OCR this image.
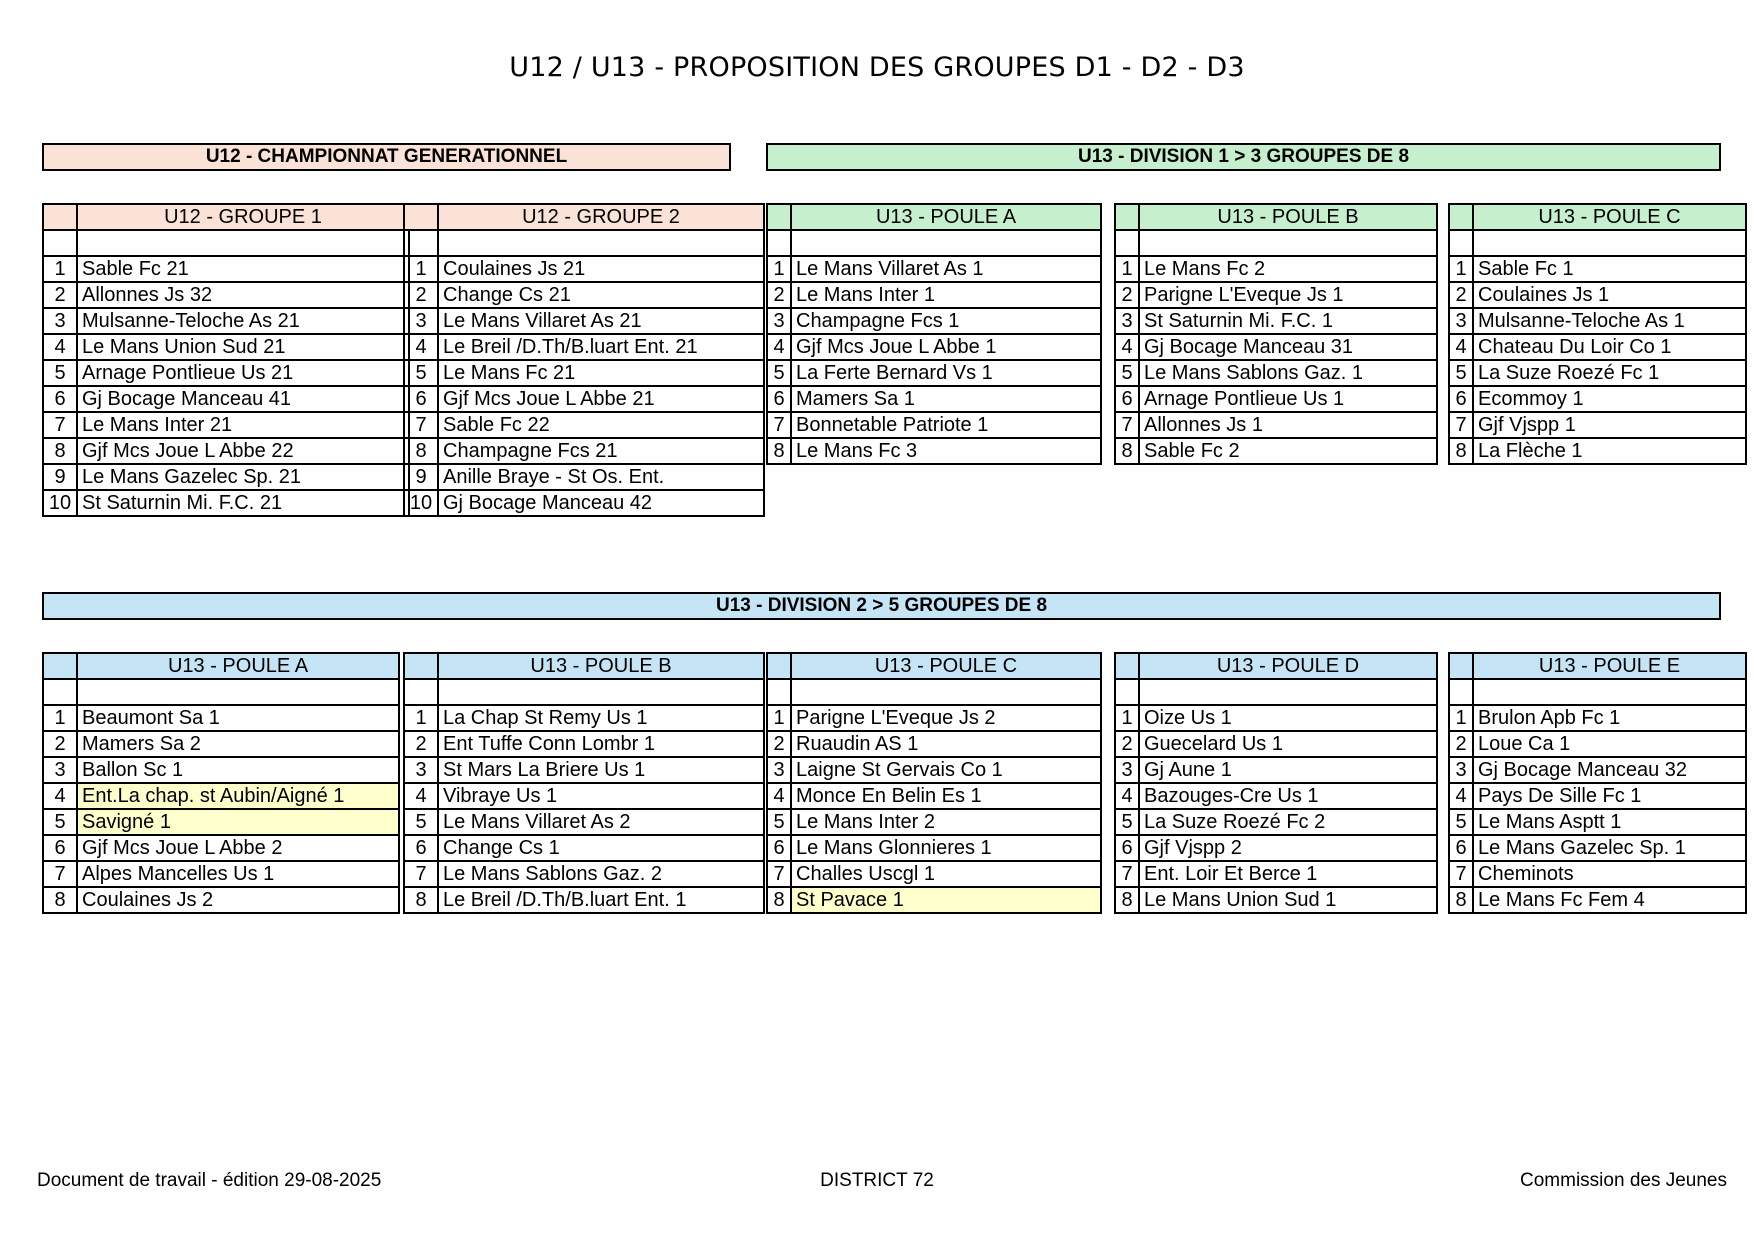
U12 / U13 - PROPOSITION DES GROUPES D1 - D2 - D3
U12 - CHAMPIONNAT GENERATIONNEL	U13 - DIVISION 1 > 3 GROUPES DE 8
U13 - DIVISION 2 > 5 GROUPES DE 8
	U12 - GROUPE 1

1	Sable Fc 21
2	Allonnes Js 32
3	Mulsanne-Teloche As 21
4	Le Mans Union Sud 21
5	Arnage Pontlieue Us 21
6	Gj Bocage Manceau 41
7	Le Mans Inter 21
8	Gjf Mcs Joue L Abbe 22
9	Le Mans Gazelec Sp. 21
10	St Saturnin Mi. F.C. 21
	U12 - GROUPE 2

1	Coulaines Js 21
2	Change Cs 21
3	Le Mans Villaret As 21
4	Le Breil /D.Th/B.luart Ent. 21
5	Le Mans Fc 21
6	Gjf Mcs Joue L Abbe 21
7	Sable Fc 22
8	Champagne Fcs 21
9	Anille Braye - St Os. Ent.
10	Gj Bocage Manceau 42
	U13 - POULE A

1	Le Mans Villaret As 1
2	Le Mans Inter 1
3	Champagne Fcs 1
4	Gjf Mcs Joue L Abbe 1
5	La Ferte Bernard Vs 1
6	Mamers Sa 1
7	Bonnetable Patriote 1
8	Le Mans Fc 3
	U13 - POULE B

1	Le Mans Fc 2
2	Parigne L'Eveque Js 1
3	St Saturnin Mi. F.C. 1
4	Gj Bocage Manceau 31
5	Le Mans Sablons Gaz. 1
6	Arnage Pontlieue Us 1
7	Allonnes Js 1
8	Sable Fc 2
	U13 - POULE C

1	Sable Fc 1
2	Coulaines Js 1
3	Mulsanne-Teloche As 1
4	Chateau Du Loir Co 1
5	La Suze Roezé Fc 1
6	Ecommoy 1
7	Gjf Vjspp 1
8	La Flèche 1
	U13 - POULE A

1	Beaumont Sa 1
2	Mamers Sa 2
3	Ballon Sc 1
4	Ent.La chap. st Aubin/Aigné 1
5	Savigné 1
6	Gjf Mcs Joue L Abbe 2
7	Alpes Mancelles Us 1
8	Coulaines Js 2
	U13 - POULE B

1	La Chap St Remy Us 1
2	Ent Tuffe Conn Lombr 1
3	St Mars La Briere Us 1
4	Vibraye Us 1
5	Le Mans Villaret As 2
6	Change Cs 1
7	Le Mans Sablons Gaz. 2
8	Le Breil /D.Th/B.luart Ent. 1
	U13 - POULE C

1	Parigne L'Eveque Js 2
2	Ruaudin AS 1
3	Laigne St Gervais Co 1
4	Monce En Belin Es 1
5	Le Mans Inter 2
6	Le Mans Glonnieres 1
7	Challes Uscgl 1
8	St Pavace 1
	U13 - POULE D

1	Oize Us 1
2	Guecelard Us 1
3	Gj Aune 1
4	Bazouges-Cre Us 1
5	La Suze Roezé Fc 2
6	Gjf Vjspp 2
7	Ent. Loir Et Berce 1
8	Le Mans Union Sud 1
	U13 - POULE E

1	Brulon Apb Fc 1
2	Loue Ca 1
3	Gj Bocage Manceau 32
4	Pays De Sille Fc 1
5	Le Mans Asptt 1
6	Le Mans Gazelec Sp. 1
7	Cheminots
8	Le Mans Fc Fem 4
Document de travail - édition 29-08-2025	DISTRICT 72	Commission des Jeunes
